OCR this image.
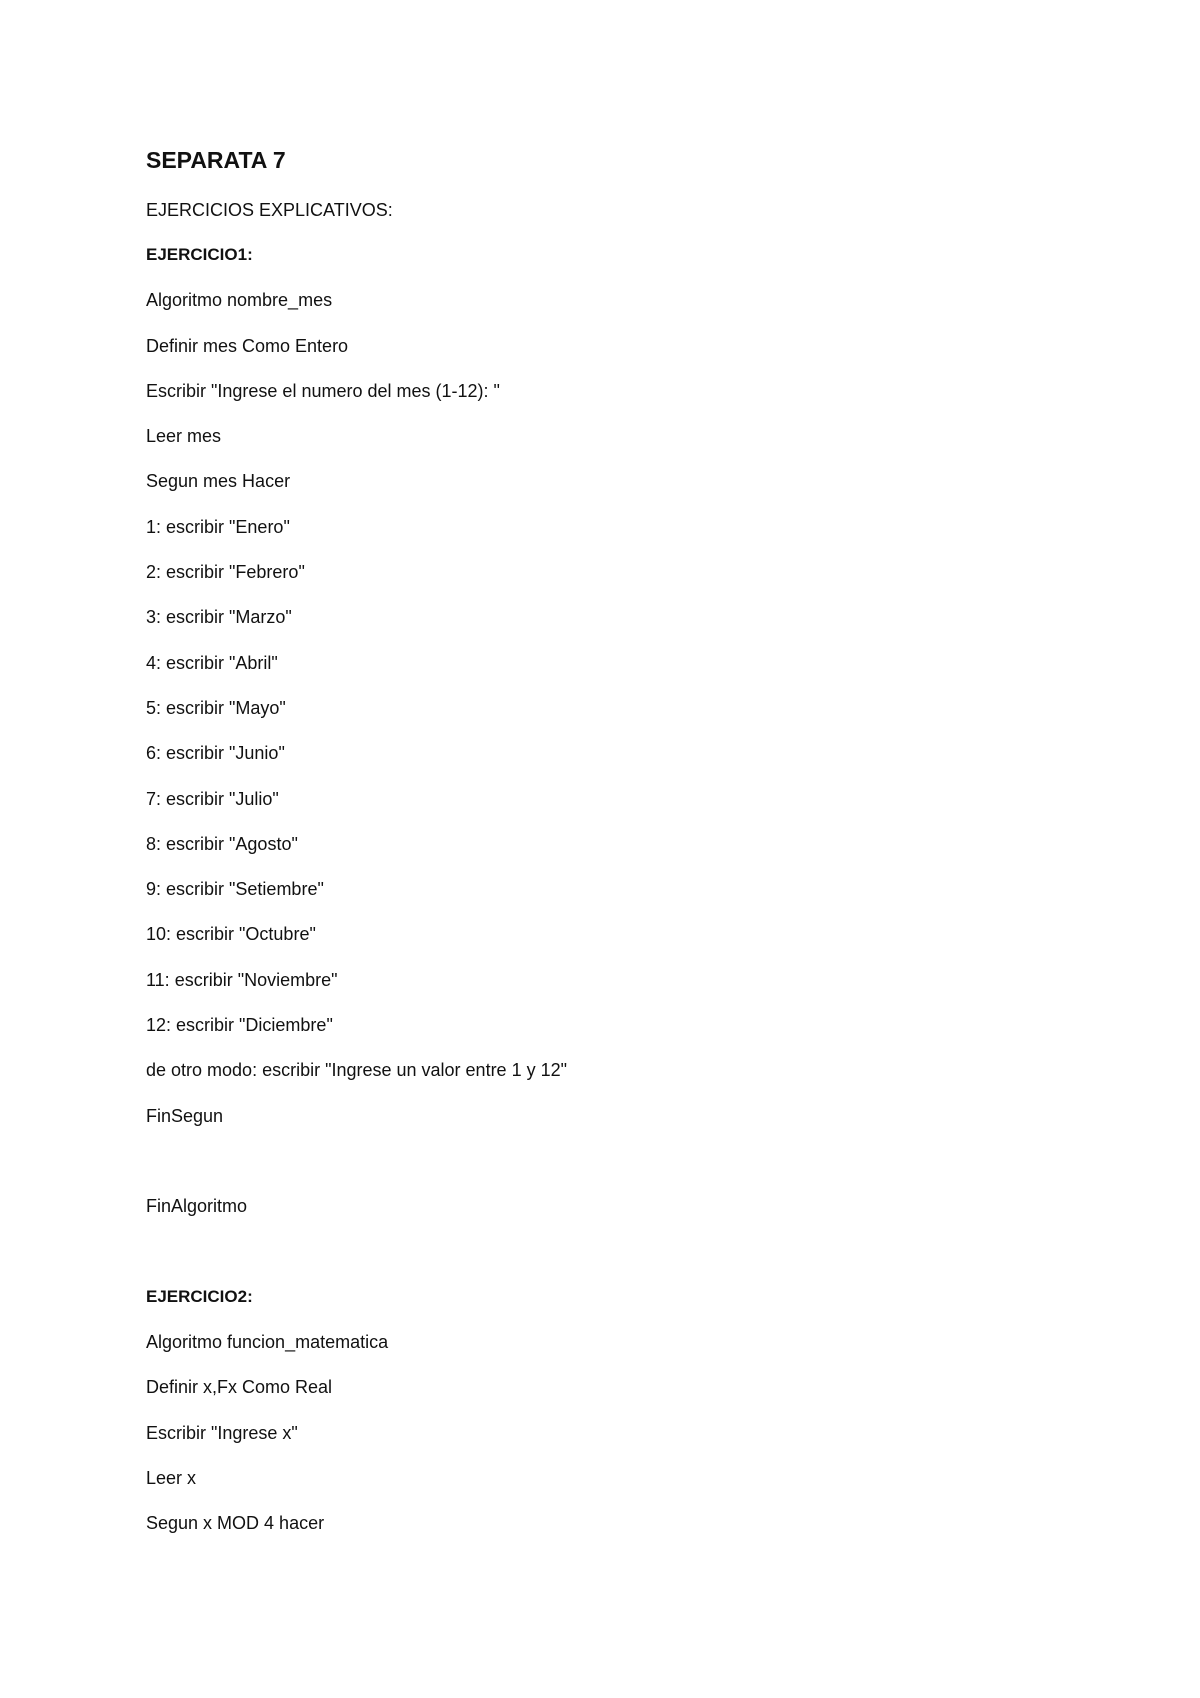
SEPARATA 7
EJERCICIOS EXPLICATIVOS:
EJERCICIO1:
Algoritmo nombre_mes
Definir mes Como Entero
Escribir "Ingrese el numero del mes (1-12): "
Leer mes
Segun mes Hacer
1: escribir "Enero"
2: escribir "Febrero"
3: escribir "Marzo"
4: escribir "Abril"
5: escribir "Mayo"
6: escribir "Junio"
7: escribir "Julio"
8: escribir "Agosto"
9: escribir "Setiembre"
10: escribir "Octubre"
11: escribir "Noviembre"
12: escribir "Diciembre"
de otro modo: escribir "Ingrese un valor entre 1 y 12"
FinSegun
FinAlgoritmo
EJERCICIO2:
Algoritmo funcion_matematica
Definir x,Fx Como Real
Escribir "Ingrese x"
Leer x
Segun x MOD 4 hacer
